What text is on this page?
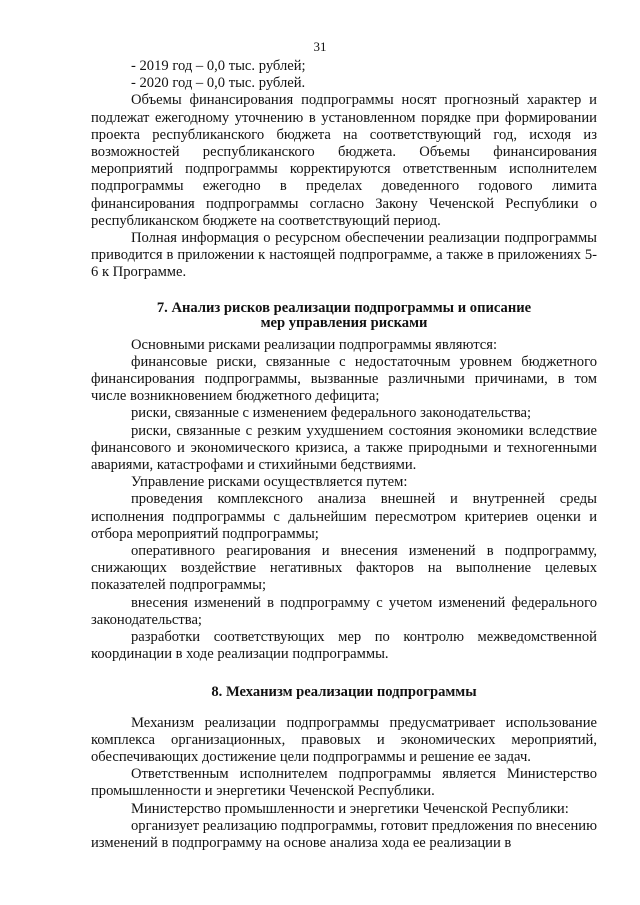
31

- 2019 год – 0,0 тыс. рублей;

- 2020 год – 0,0 тыс. рублей.

Объемы финансирования подпрограммы носят прогнозный характер и подлежат ежегодному уточнению в установленном порядке при формировании проекта республиканского бюджета на соответствующий год, исходя из возможностей республиканского бюджета. Объемы финансирования мероприятий подпрограммы корректируются ответственным исполнителем подпрограммы ежегодно в пределах доведенного годового лимита финансирования подпрограммы согласно Закону Чеченской Республики о республиканском бюджете на соответствующий период.

Полная информация о ресурсном обеспечении реализации подпрограммы приводится в приложении к настоящей подпрограмме, а также в приложениях 5-6 к Программе.

7. Анализ рисков реализации подпрограммы и описание
мер управления рисками

Основными рисками реализации подпрограммы являются:

финансовые риски, связанные с недостаточным уровнем бюджетного финансирования подпрограммы, вызванные различными причинами, в том числе возникновением бюджетного дефицита;

риски, связанные с изменением федерального законодательства;

риски, связанные с резким ухудшением состояния экономики вследствие финансового и экономического кризиса, а также природными и техногенными авариями, катастрофами и стихийными бедствиями.

Управление рисками осуществляется путем:

проведения комплексного анализа внешней и внутренней среды исполнения подпрограммы с дальнейшим пересмотром критериев оценки и отбора мероприятий подпрограммы;

оперативного реагирования и внесения изменений в подпрограмму, снижающих воздействие негативных факторов на выполнение целевых показателей подпрограммы;

внесения изменений в подпрограмму с учетом изменений федерального законодательства;

разработки соответствующих мер по контролю межведомственной координации в ходе реализации подпрограммы.

8. Механизм реализации подпрограммы

Механизм реализации подпрограммы предусматривает использование комплекса организационных, правовых и экономических мероприятий, обеспечивающих достижение цели подпрограммы и решение ее задач.

Ответственным исполнителем подпрограммы является Министерство промышленности и энергетики Чеченской Республики.

Министерство промышленности и энергетики Чеченской Республики:

организует реализацию подпрограммы, готовит предложения по внесению изменений в подпрограмму на основе анализа хода ее реализации в
